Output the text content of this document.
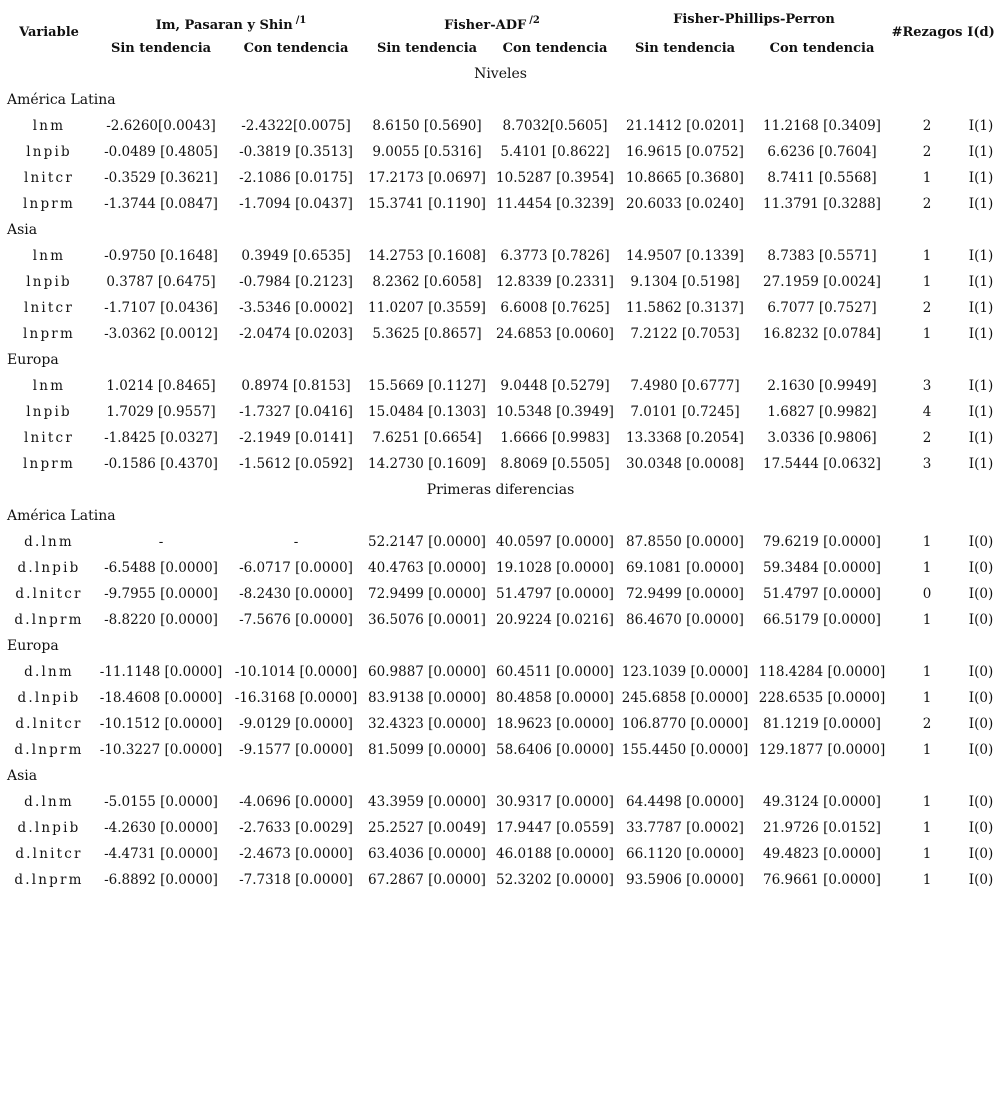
Variable	Im, Pasaran y Shin $^{/1}$	Fisher-ADF $^{/2}$	Fisher-Phillips-Perron
Sin tendencia	Con tendencia	Sin tendencia	Con tendencia	Sin tendencia	Con tendencia
#Rezagos I(d)
Niveles
América Latina
lnm	-2.6260[0.0043]	-2.4322[0.0075]	8.6150 [0.5690]	8.7032[0.5605]	21.1412 [0.0201]	11.2168 [0.3409]	2	I(1)
lnpib	-0.0489 [0.4805]	-0.3819 [0.3513]	9.0055 [0.5316]	5.4101 [0.8622]	16.9615 [0.0752]	6.6236 [0.7604]	2	I(1)
lnitcr	-0.3529 [0.3621]	-2.1086 [0.0175]	17.2173 [0.0697] 10.5287 [0.3954] 10.8665 [0.3680]	8.7411 [0.5568]	1	I(1)
lnprm	-1.3744 [0.0847]	-1.7094 [0.0437]	15.3741 [0.1190] 11.4454 [0.3239] 20.6033 [0.0240]	11.3791 [0.3288]	2	I(1)
Asia
lnm	-0.9750 [0.1648]	0.3949 [0.6535]	14.2753 [0.1608]	6.3773 [0.7826]	14.9507 [0.1339]	8.7383 [0.5571]	1	I(1)
lnpib	0.3787 [0.6475]	-0.7984 [0.2123]	8.2362 [0.6058]	12.8339 [0.2331]	9.1304 [0.5198]	27.1959 [0.0024]	1	I(1)
lnitcr	-1.7107 [0.0436]	-3.5346 [0.0002]	11.0207 [0.3559]	6.6008 [0.7625]	11.5862 [0.3137]	6.7077 [0.7527]	2	I(1)
lnprm	-3.0362 [0.0012]	-2.0474 [0.0203]	5.3625 [0.8657]	24.6853 [0.0060]	7.2122 [0.7053]	16.8232 [0.0784]	1	I(1)
Europa
lnm	1.0214 [0.8465]	0.8974 [0.8153]	15.5669 [0.1127]	9.0448 [0.5279]	7.4980 [0.6777]	2.1630 [0.9949]	3	I(1)
lnpib	1.7029 [0.9557]	-1.7327 [0.0416]	15.0484 [0.1303] 10.5348 [0.3949]	7.0101 [0.7245]	1.6827 [0.9982]	4	I(1)
lnitcr	-1.8425 [0.0327]	-2.1949 [0.0141]	7.6251 [0.6654]	1.6666 [0.9983]	13.3368 [0.2054]	3.0336 [0.9806]	2	I(1)
lnprm	-0.1586 [0.4370]	-1.5612 [0.0592]	14.2730 [0.1609]	8.8069 [0.5505]	30.0348 [0.0008]	17.5444 [0.0632]	3	I(1)
Primeras diferencias
América Latina
d.lnm	-	-	52.2147 [0.0000] 40.0597 [0.0000] 87.8550 [0.0000]	79.6219 [0.0000]	1	I(0)
d.lnpib	-6.5488 [0.0000]	-6.0717 [0.0000]	40.4763 [0.0000] 19.1028 [0.0000] 69.1081 [0.0000]	59.3484 [0.0000]	1	I(0)
d.lnitcr	-9.7955 [0.0000]	-8.2430 [0.0000]	72.9499 [0.0000] 51.4797 [0.0000] 72.9499 [0.0000]	51.4797 [0.0000]	0	I(0)
d.lnprm	-8.8220 [0.0000]	-7.5676 [0.0000]	36.5076 [0.0001] 20.9224 [0.0216] 86.4670 [0.0000]	66.5179 [0.0000]	1	I(0)
Europa
d.lnm	-11.1148 [0.0000] -10.1014 [0.0000] 60.9887 [0.0000] 60.4511 [0.0000] 123.1039 [0.0000] 118.4284 [0.0000]	1	I(0)
d.lnpib	-18.4608 [0.0000] -16.3168 [0.0000] 83.9138 [0.0000] 80.4858 [0.0000] 245.6858 [0.0000] 228.6535 [0.0000]	1	I(0)
d.lnitcr	-10.1512 [0.0000]	-9.0129 [0.0000]	32.4323 [0.0000] 18.9623 [0.0000] 106.8770 [0.0000]	81.1219 [0.0000]	2	I(0)
d.lnprm	-10.3227 [0.0000]	-9.1577 [0.0000]	81.5099 [0.0000] 58.6406 [0.0000] 155.4450 [0.0000] 129.1877 [0.0000]	1	I(0)
Asia
d.lnm	-5.0155 [0.0000]	-4.0696 [0.0000]	43.3959 [0.0000] 30.9317 [0.0000] 64.4498 [0.0000]	49.3124 [0.0000]	1	I(0)
d.lnpib	-4.2630 [0.0000]	-2.7633 [0.0029]	25.2527 [0.0049] 17.9447 [0.0559] 33.7787 [0.0002]	21.9726 [0.0152]	1	I(0)
d.lnitcr	-4.4731 [0.0000]	-2.4673 [0.0000]	63.4036 [0.0000] 46.0188 [0.0000] 66.1120 [0.0000]	49.4823 [0.0000]	1	I(0)
d.lnprm	-6.8892 [0.0000]	-7.7318 [0.0000]	67.2867 [0.0000] 52.3202 [0.0000] 93.5906 [0.0000]	76.9661 [0.0000]	1	I(0)
